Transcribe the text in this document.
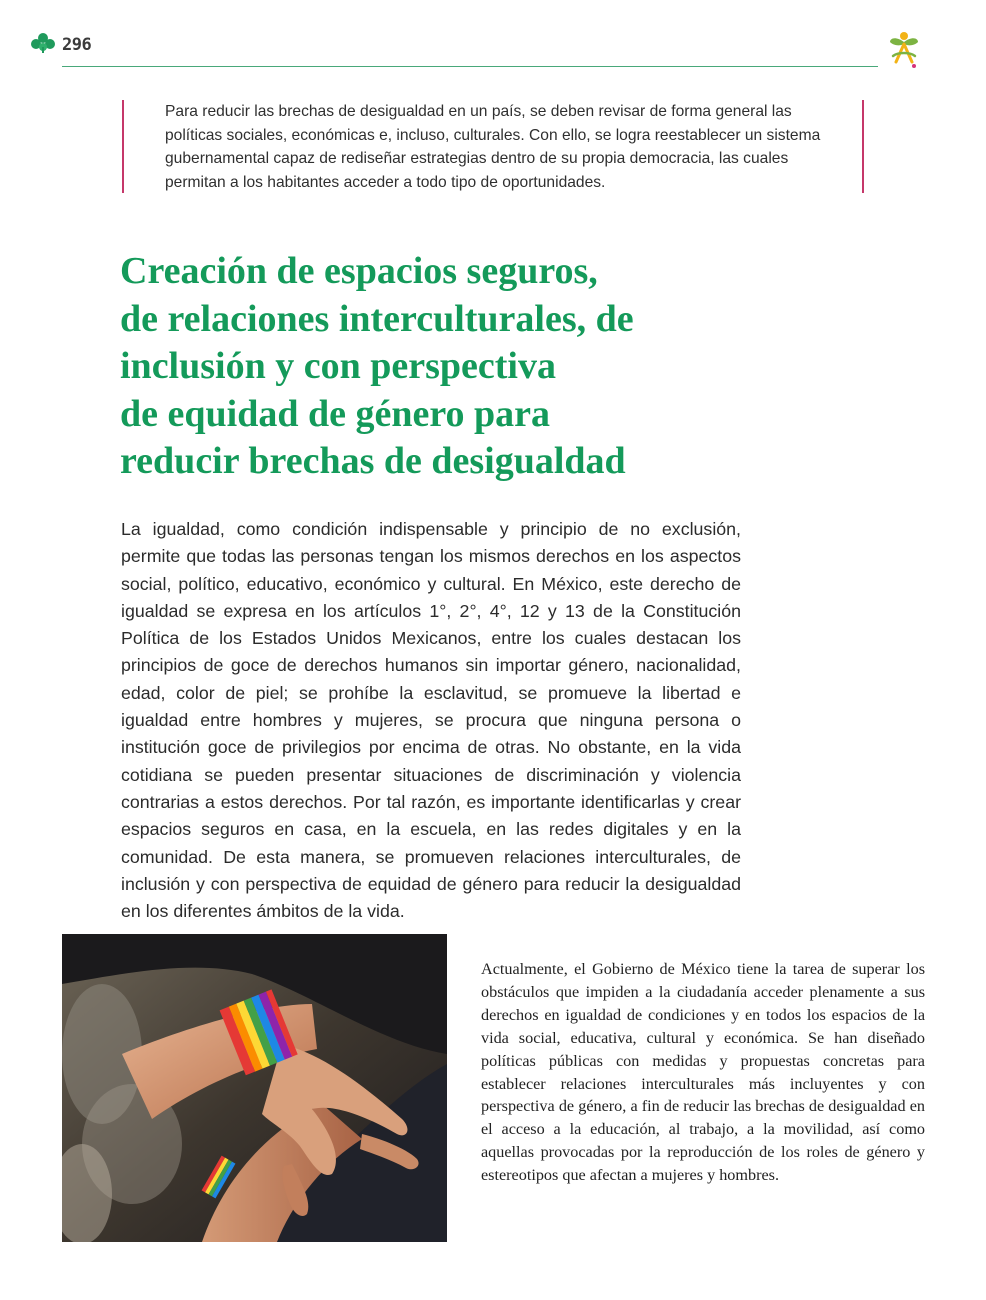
296

Para reducir las brechas de desigualdad en un país, se deben revisar de forma general las políticas sociales, económicas e, incluso, culturales. Con ello, se logra reestablecer un sistema gubernamental capaz de rediseñar estrategias dentro de su propia democracia, las cuales permitan a los habitantes acceder a todo tipo de oportunidades.

Creación de espacios seguros,
de relaciones interculturales, de
inclusión y con perspectiva
de equidad de género para
reducir brechas de desigualdad

La igualdad, como condición indispensable y principio de no exclusión, permite que todas las personas tengan los mismos derechos en los aspectos social, político, educativo, económico y cultural. En México, este derecho de igualdad se expresa en los artículos 1°, 2°, 4°, 12 y 13 de la Constitución Política de los Estados Unidos Mexicanos, entre los cuales destacan los principios de goce de derechos humanos sin importar género, nacionalidad, edad, color de piel; se prohíbe la esclavitud, se promueve la libertad e igualdad entre hombres y mujeres, se procura que ninguna persona o institución goce de privilegios por encima de otras. No obstante, en la vida cotidiana se pueden presentar situaciones de discriminación y violencia contrarias a estos derechos. Por tal razón, es importante identificarlas y crear espacios seguros en casa, en la escuela, en las redes digitales y en la comunidad. De esta manera, se promueven relaciones interculturales, de inclusión y con perspectiva de equidad de género para reducir la desigualdad en los diferentes ámbitos de la vida.

Actualmente, el Gobierno de México tiene la tarea de superar los obstáculos que impiden a la ciudadanía acceder plenamente a sus derechos en igualdad de condiciones y en todos los espacios de la vida social, educativa, cultural y económica. Se han diseñado políticas públicas con medidas y propuestas concretas para establecer relaciones interculturales más incluyentes y con perspectiva de género, a fin de reducir las brechas de desigualdad en el acceso a la educación, al trabajo, a la movilidad, así como aquellas provocadas por la reproducción de los roles de género y estereotipos que afectan a mujeres y hombres.
